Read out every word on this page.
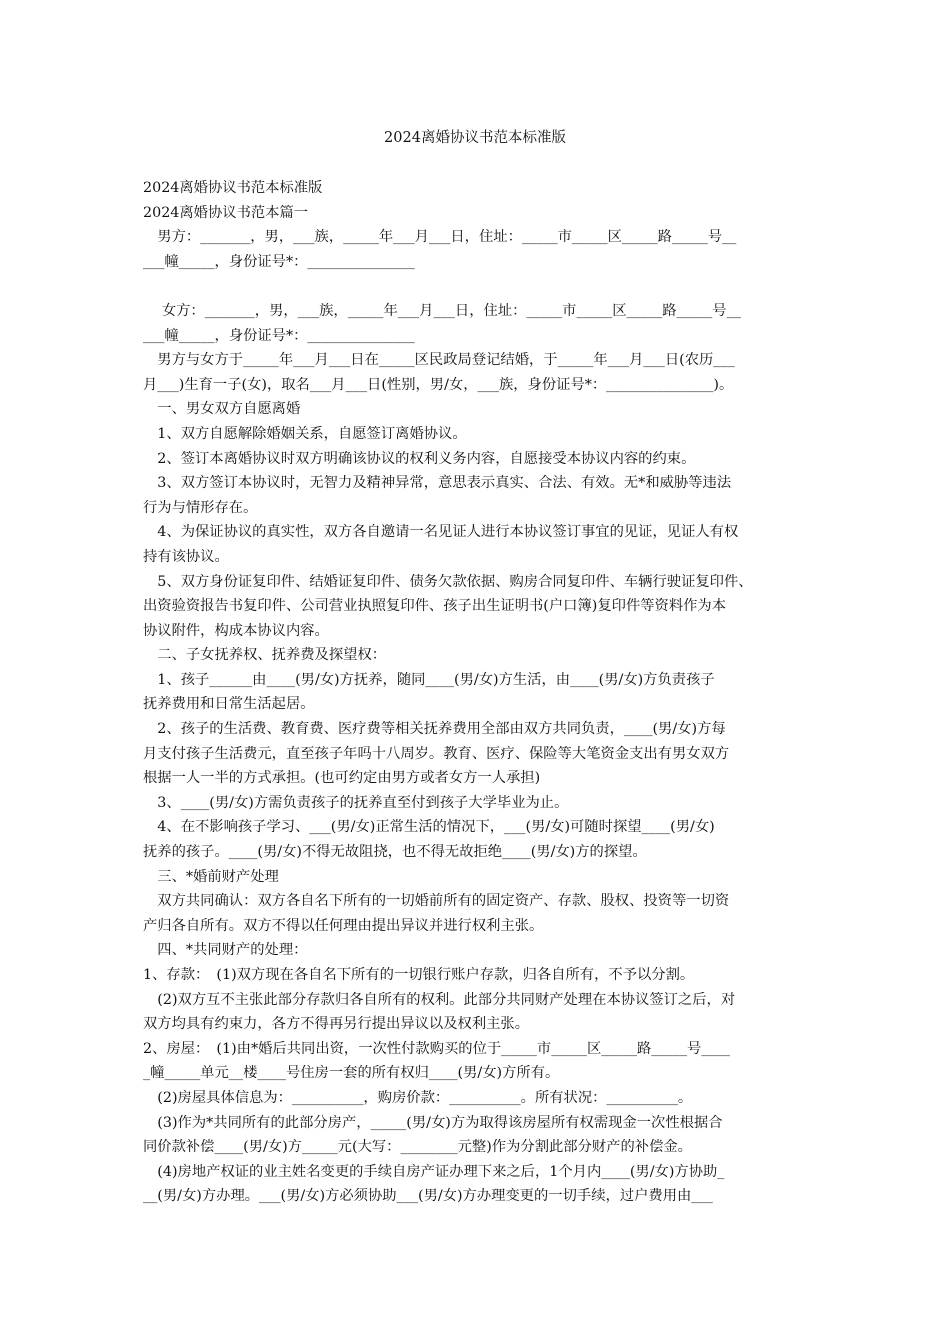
2024离婚协议书范本标准版

2024离婚协议书范本标准版

2024离婚协议书范本篇一

　男方：_______，男，___族，_____年___月___日，住址：_____市_____区_____路_____号__

___幢_____，身份证号*：_______________

　 女方：_______，男，___族，_____年___月___日，住址：_____市_____区_____路_____号__

___幢_____，身份证号*：_______________

　男方与女方于_____年___月___日在_____区民政局登记结婚，于_____年___月___日(农历___

月___)生育一子(女)，取名___月___日(性别，男/女，___族，身份证号*：_______________)。

　一、男女双方自愿离婚

　1、双方自愿解除婚姻关系，自愿签订离婚协议。

　2、签订本离婚协议时双方明确该协议的权利义务内容，自愿接受本协议内容的约束。

　3、双方签订本协议时，无智力及精神异常，意思表示真实、合法、有效。无*和威胁等违法

行为与情形存在。

　4、为保证协议的真实性，双方各自邀请一名见证人进行本协议签订事宜的见证，见证人有权

持有该协议。

　5、双方身份证复印件、结婚证复印件、债务欠款依据、购房合同复印件、车辆行驶证复印件、

出资验资报告书复印件、公司营业执照复印件、孩子出生证明书(户口簿)复印件等资料作为本

协议附件，构成本协议内容。

　二、子女抚养权、抚养费及探望权：

　1、孩子______由____(男/女)方抚养，随同____(男/女)方生活，由____(男/女)方负责孩子

抚养费用和日常生活起居。

　2、孩子的生活费、教育费、医疗费等相关抚养费用全部由双方共同负责，____(男/女)方每

月支付孩子生活费元，直至孩子年吗十八周岁。教育、医疗、保险等大笔资金支出有男女双方

根据一人一半的方式承担。(也可约定由男方或者女方一人承担)

　3、____(男/女)方需负责孩子的抚养直至付到孩子大学毕业为止。

　4、在不影响孩子学习、___(男/女)正常生活的情况下，___(男/女)可随时探望____(男/女)

抚养的孩子。____(男/女)不得无故阻挠，也不得无故拒绝____(男/女)方的探望。

　三、*婚前财产处理

　双方共同确认：双方各自名下所有的一切婚前所有的固定资产、存款、股权、投资等一切资

产归各自所有。双方不得以任何理由提出异议并进行权利主张。

　四、*共同财产的处理：

1、存款：　(1)双方现在各自名下所有的一切银行账户存款，归各自所有，不予以分割。

　(2)双方互不主张此部分存款归各自所有的权利。此部分共同财产处理在本协议签订之后，对

双方均具有约束力，各方不得再另行提出异议以及权利主张。

2、房屋：　(1)由*婚后共同出资，一次性付款购买的位于_____市_____区_____路_____号____

_幢_____单元__楼____号住房一套的所有权归____(男/女)方所有。

　(2)房屋具体信息为：__________，购房价款：__________。所有状况：__________。

　(3)作为*共同所有的此部分房产，_____(男/女)方为取得该房屋所有权需现金一次性根据合

同价款补偿____(男/女)方_____元(大写：________元整)作为分割此部分财产的补偿金。

　(4)房地产权证的业主姓名变更的手续自房产证办理下来之后，1个月内____(男/女)方协助_

__(男/女)方办理。___(男/女)方必须协助___(男/女)方办理变更的一切手续，过户费用由___
